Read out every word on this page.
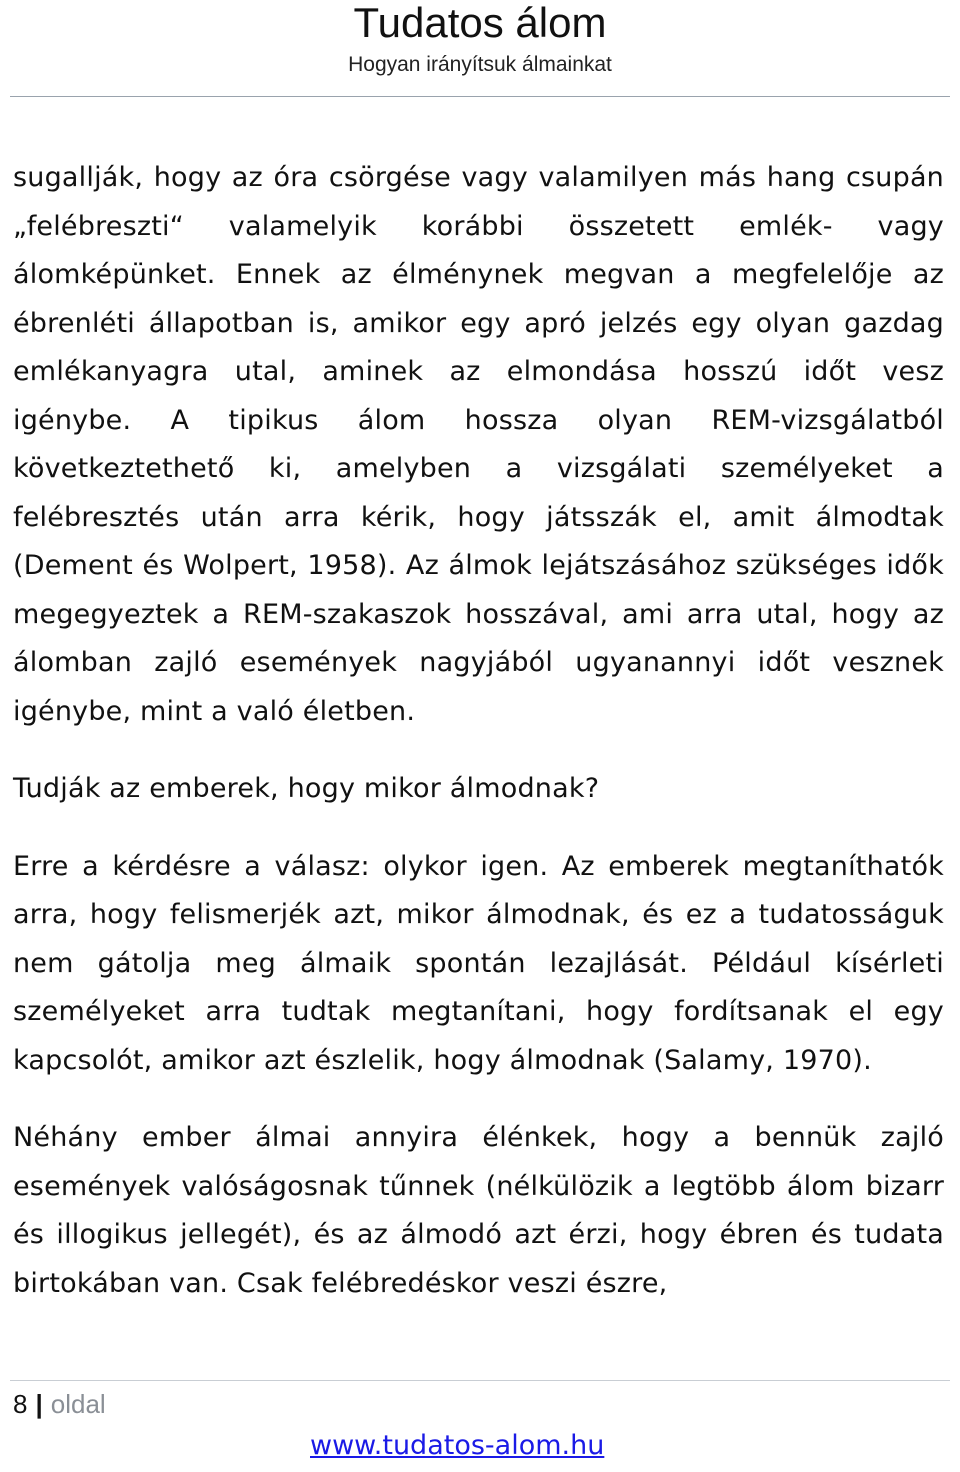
Tudatos álom
Hogyan irányítsuk álmainkat

sugallják, hogy az óra csörgése vagy valamilyen más hang csupán „felébreszti“ valamelyik korábbi összetett emlék- vagy álomképünket. Ennek az élménynek megvan a megfelelője az ébrenléti állapotban is, amikor egy apró jelzés egy olyan gazdag emlékanyagra utal, aminek az elmondása hosszú időt vesz igénybe. A tipikus álom hossza olyan REM-vizsgálatból következtethető ki, amelyben a vizsgálati személyeket a felébresztés után arra kérik, hogy játsszák el, amit álmodtak (Dement és Wolpert, 1958). Az álmok lejátszásához szükséges idők megegyeztek a REM-szakaszok hosszával, ami arra utal, hogy az álomban zajló események nagyjából ugyanannyi időt vesznek igénybe, mint a való életben.

Tudják az emberek, hogy mikor álmodnak?

Erre a kérdésre a válasz: olykor igen. Az emberek megtaníthatók arra, hogy felismerjék azt, mikor álmodnak, és ez a tudatosságuk nem gátolja meg álmaik spontán lezajlását. Például kísérleti személyeket arra tudtak megtanítani, hogy fordítsanak el egy kapcsolót, amikor azt észlelik, hogy álmodnak (Salamy, 1970).

Néhány ember álmai annyira élénkek, hogy a bennük zajló események valóságosnak tűnnek (nélkülözik a legtöbb álom bizarr és illogikus jellegét), és az álmodó azt érzi, hogy ébren és tudata birtokában van. Csak felébredéskor veszi észre,

8 | oldal
www.tudatos-alom.hu
